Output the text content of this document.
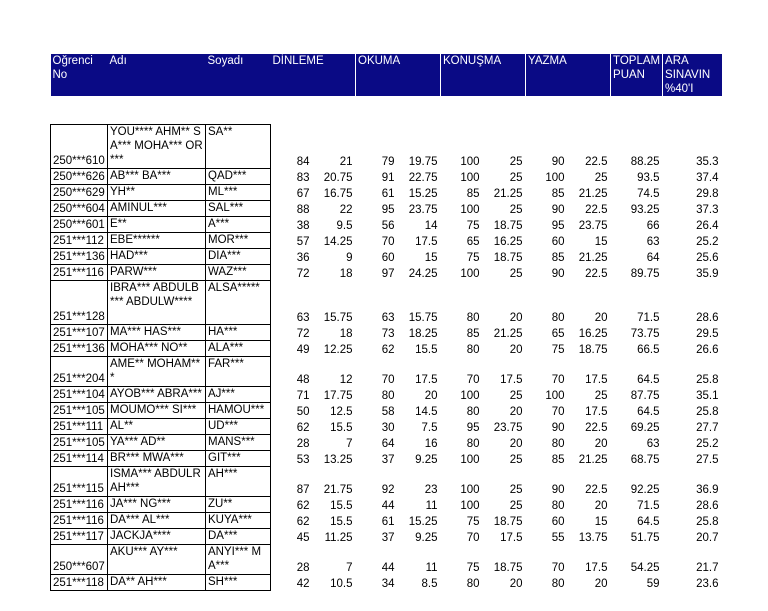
Oğrenci No	Adı	Soyadı	DİNLEME		OKUMA		KONUŞMA		YAZMA		TOPLAM PUAN	ARA SINAVIN %40'I

250***610	YOU**** AHM** SA*** MOHA*** OR***	SA**	84	21	79	19.75	100	25	90	22.5	88.25	35.3
250***626	AB*** BA***	QAD***	83	20.75	91	22.75	100	25	100	25	93.5	37.4
250***629	YH**	ML***	67	16.75	61	15.25	85	21.25	85	21.25	74.5	29.8
250***604	AMINUL***	SAL***	88	22	95	23.75	100	25	90	22.5	93.25	37.3
250***601	E**	A***	38	9.5	56	14	75	18.75	95	23.75	66	26.4
251***112	EBE******	MOR***	57	14.25	70	17.5	65	16.25	60	15	63	25.2
251***136	HAD***	DIA***	36	9	60	15	75	18.75	85	21.25	64	25.6
251***116	PARW***	WAZ***	72	18	97	24.25	100	25	90	22.5	89.75	35.9
251***128	IBRA*** ABDULB*** ABDULW****	ALSA*****	63	15.75	63	15.75	80	20	80	20	71.5	28.6
251***107	MA*** HAS***	HA***	72	18	73	18.25	85	21.25	65	16.25	73.75	29.5
251***136	MOHA*** NO**	ALA***	49	12.25	62	15.5	80	20	75	18.75	66.5	26.6
251***204	AME** MOHAM***	FAR***	48	12	70	17.5	70	17.5	70	17.5	64.5	25.8
251***104	AYOB*** ABRA***	AJ***	71	17.75	80	20	100	25	100	25	87.75	35.1
251***105	MOUMO*** SI***	HAMOU***	50	12.5	58	14.5	80	20	70	17.5	64.5	25.8
251***111	AL**	UD***	62	15.5	30	7.5	95	23.75	90	22.5	69.25	27.7
251***105	YA*** AD**	MANS***	28	7	64	16	80	20	80	20	63	25.2
251***114	BR*** MWA***	GIT***	53	13.25	37	9.25	100	25	85	21.25	68.75	27.5
251***115	ISMA*** ABDULRAH***	AH***	87	21.75	92	23	100	25	90	22.5	92.25	36.9
251***116	JA*** NG***	ZU**	62	15.5	44	11	100	25	80	20	71.5	28.6
251***116	DA*** AL***	KUYA***	62	15.5	61	15.25	75	18.75	60	15	64.5	25.8
251***117	JACKJA****	DA***	45	11.25	37	9.25	70	17.5	55	13.75	51.75	20.7
250***607	AKU*** AY***	ANYI*** MA***	28	7	44	11	75	18.75	70	17.5	54.25	21.7
251***118	DA** AH***	SH***	42	10.5	34	8.5	80	20	80	20	59	23.6
